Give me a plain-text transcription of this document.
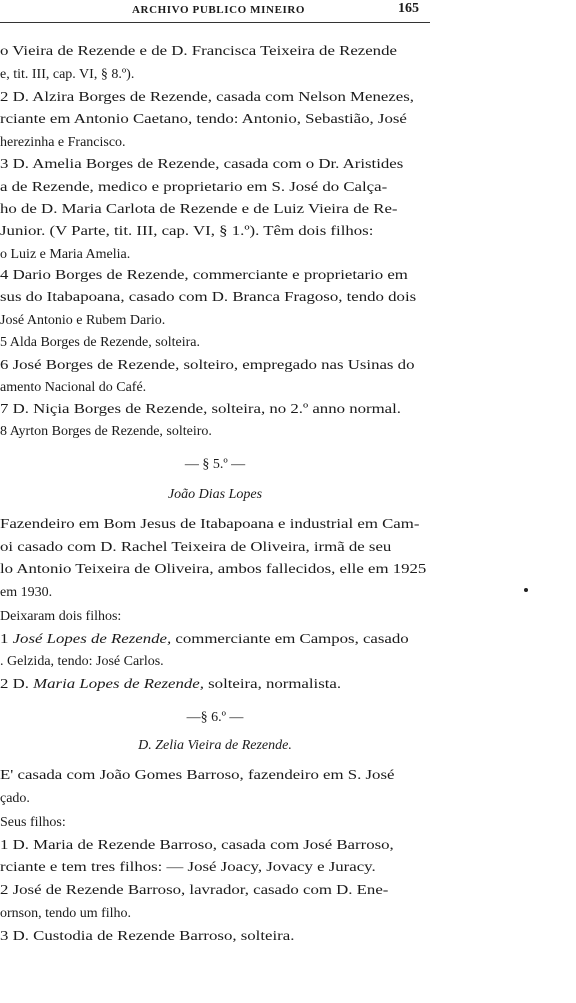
ARCHIVO PUBLICO MINEIRO	165
o Vieira de Rezende e de D. Francisca Teixeira de Rezende
e, tit. III, cap. VI, § 8.º).
2 D. Alzira Borges de Rezende, casada com Nelson Menezes,
rciante em Antonio Caetano, tendo: Antonio, Sebastião, José
herezinha e Francisco.
3 D. Amelia Borges de Rezende, casada com o Dr. Aristides
a de Rezende, medico e proprietario em S. José do Calça-
ho de D. Maria Carlota de Rezende e de Luiz Vieira de Re-
Junior. (V Parte, tit. III, cap. VI, § 1.º). Têm dois filhos:
o Luiz e Maria Amelia.
4 Dario Borges de Rezende, commerciante e proprietario em
sus do Itabapoana, casado com D. Branca Fragoso, tendo dois
José Antonio e Rubem Dario.
5 Alda Borges de Rezende, solteira.
6 José Borges de Rezende, solteiro, empregado nas Usinas do
amento Nacional do Café.
7 D. Niçia Borges de Rezende, solteira, no 2.º anno normal.
8 Ayrton Borges de Rezende, solteiro.
— § 5.º —
João Dias Lopes
Fazendeiro em Bom Jesus de Itabapoana e industrial em Cam-
oi casado com D. Rachel Teixeira de Oliveira, irmã de seu
lo Antonio Teixeira de Oliveira, ambos fallecidos, elle em 1925
em 1930.
Deixaram dois filhos:
1 José Lopes de Rezende, commerciante em Campos, casado
. Gelzida, tendo: José Carlos.
2 D. Maria Lopes de Rezende, solteira, normalista.
—§ 6.º —
D. Zelia Vieira de Rezende.
E' casada com João Gomes Barroso, fazendeiro em S. José
çado.
Seus filhos:
1 D. Maria de Rezende Barroso, casada com José Barroso,
rciante e tem tres filhos: — José Joacy, Jovacy e Juracy.
2 José de Rezende Barroso, lavrador, casado com D. Ene-
ornson, tendo um filho.
3 D. Custodia de Rezende Barroso, solteira.
